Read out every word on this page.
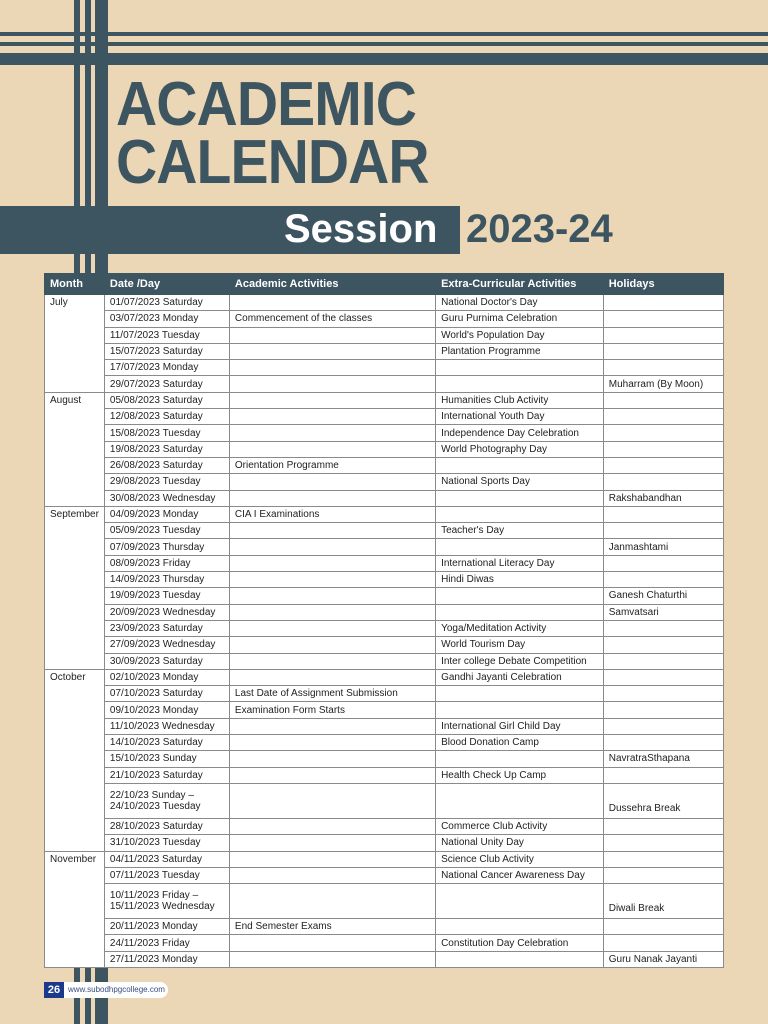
ACADEMIC
CALENDAR
Session 2023-24
Month	Date /Day	Academic Activities	Extra-Curricular Activities	Holidays
July	01/07/2023 Saturday		National Doctor's Day	

	03/07/2023 Monday	Commencement of the classes	Guru Purnima Celebration	

	11/07/2023 Tuesday		World's Population Day	

	15/07/2023 Saturday		Plantation Programme	

	17/07/2023 Monday			

	29/07/2023 Saturday			Muharram (By Moon)
August	05/08/2023 Saturday		Humanities Club Activity	

	12/08/2023 Saturday		International Youth Day	

	15/08/2023 Tuesday		Independence Day Celebration	

	19/08/2023 Saturday		World Photography Day	

	26/08/2023 Saturday	Orientation Programme		

	29/08/2023 Tuesday		National Sports Day	

	30/08/2023 Wednesday			Rakshabandhan
September	04/09/2023 Monday	CIA I Examinations		

	05/09/2023 Tuesday		Teacher's Day	

	07/09/2023 Thursday			Janmashtami

	08/09/2023 Friday		International Literacy Day	

	14/09/2023 Thursday		Hindi Diwas	

	19/09/2023 Tuesday			Ganesh Chaturthi

	20/09/2023 Wednesday			Samvatsari

	23/09/2023 Saturday		Yoga/Meditation Activity	

	27/09/2023 Wednesday		World Tourism Day	

	30/09/2023 Saturday		Inter college Debate Competition	
October	02/10/2023 Monday		Gandhi Jayanti Celebration	

	07/10/2023 Saturday	Last Date of Assignment Submission		

	09/10/2023 Monday	Examination Form Starts		

	11/10/2023 Wednesday		International Girl Child Day	

	14/10/2023 Saturday		Blood Donation Camp	

	15/10/2023 Sunday			NavratraSthapana

	21/10/2023 Saturday		Health Check Up Camp	

	22/10/23 Sunday –
24/10/2023 Tuesday			Dussehra Break

	28/10/2023 Saturday		Commerce Club Activity	

	31/10/2023 Tuesday		National Unity Day	
November	04/11/2023 Saturday		Science Club Activity	

	07/11/2023 Tuesday		National Cancer Awareness Day	

	10/11/2023 Friday –
15/11/2023 Wednesday			Diwali Break

	20/11/2023 Monday	End Semester Exams		

	24/11/2023 Friday		Constitution Day Celebration	

	27/11/2023 Monday			Guru Nanak Jayanti
26 www.subodhpgcollege.com
